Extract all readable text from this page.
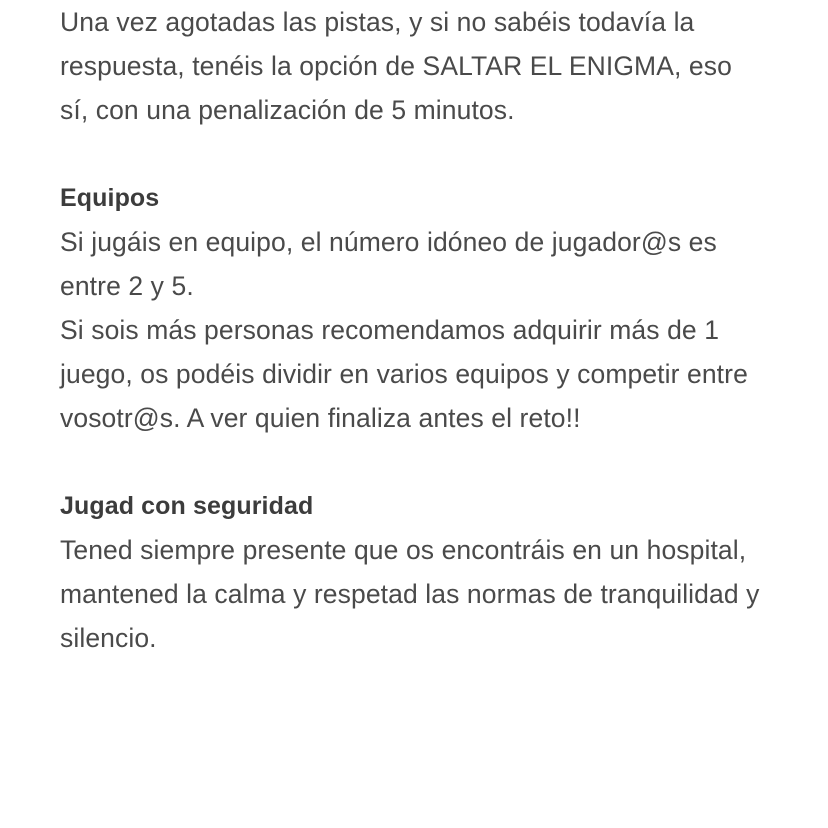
Una vez agotadas las pistas, y si no sabéis todavía la respuesta, tenéis la opción de SALTAR EL ENIGMA, eso sí, con una penalización de 5 minutos.

Equipos

Si jugáis en equipo, el número idóneo de jugador@s es entre 2 y 5.

Si sois más personas recomendamos adquirir más de 1 juego, os podéis dividir en varios equipos y competir entre vosotr@s. A ver quien finaliza antes el reto!!

Jugad con seguridad

Tened siempre presente que os encontráis en un hospital, mantened la calma y respetad las normas de tranquilidad y silencio.
